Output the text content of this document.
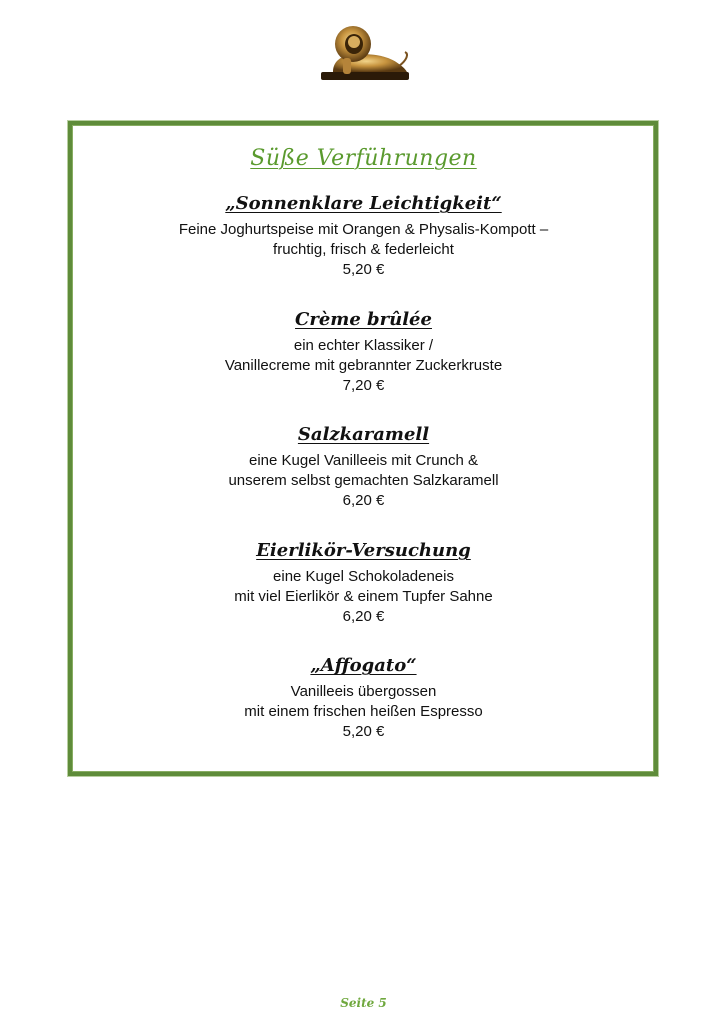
Süße Verführungen
„Sonnenklare Leichtigkeit“
Feine Joghurtspeise mit Orangen & Physalis-Kompott –
fruchtig, frisch & federleicht
5,20 €
Crème brûlée
ein echter Klassiker /
Vanillecreme mit gebrannter Zuckerkruste
7,20 €
Salzkaramell
eine Kugel Vanilleeis mit Crunch &
unserem selbst gemachten Salzkaramell
6,20 €
Eierlikör-Versuchung
eine Kugel Schokoladeneis
mit viel Eierlikör & einem Tupfer Sahne
6,20 €
„Affogato“
Vanilleeis übergossen
mit einem frischen heißen Espresso
5,20 €
Seite 5
